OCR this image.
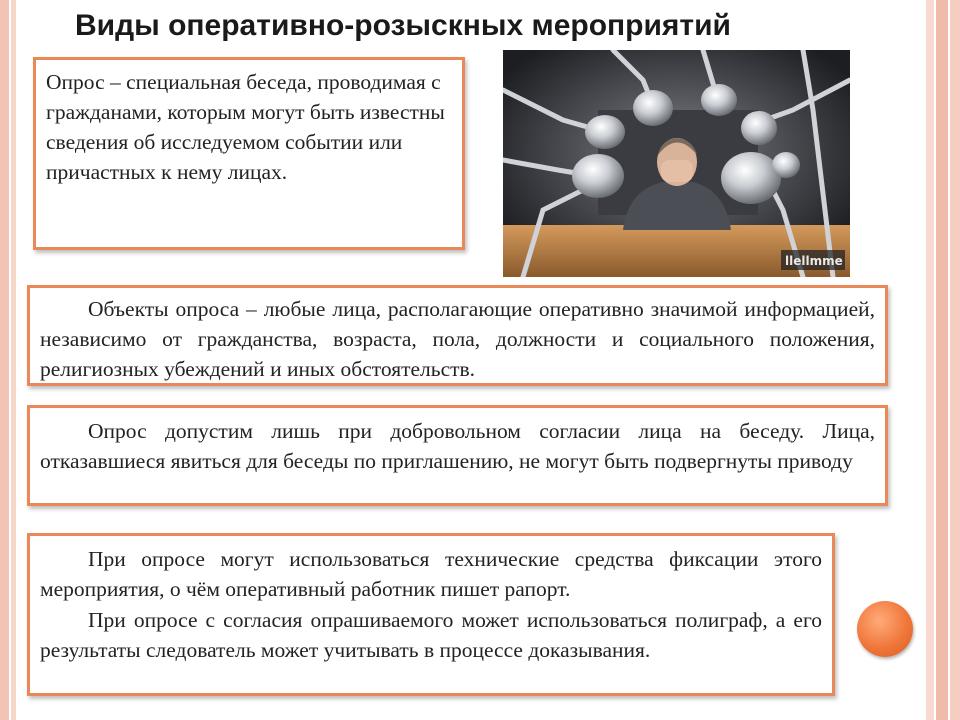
Виды оперативно-розыскных мероприятий

Опрос – специальная беседа, проводимая с гражданами, которым могут быть известны сведения об исследуемом событии или причастных к нему лицах.

llellmme

Объекты опроса – любые лица, располагающие оперативно значимой информацией, независимо от гражданства, возраста, пола, должности и социального положения, религиозных убеждений и иных обстоятельств.

Опрос допустим лишь при добровольном согласии лица на беседу. Лица, отказавшиеся явиться для беседы по приглашению, не могут быть подвергнуты приводу

При опросе могут использоваться технические средства фиксации этого мероприятия, о чём оперативный работник пишет рапорт.

При опросе с согласия опрашиваемого может использоваться полиграф, а его результаты следователь может учитывать в процессе доказывания.
